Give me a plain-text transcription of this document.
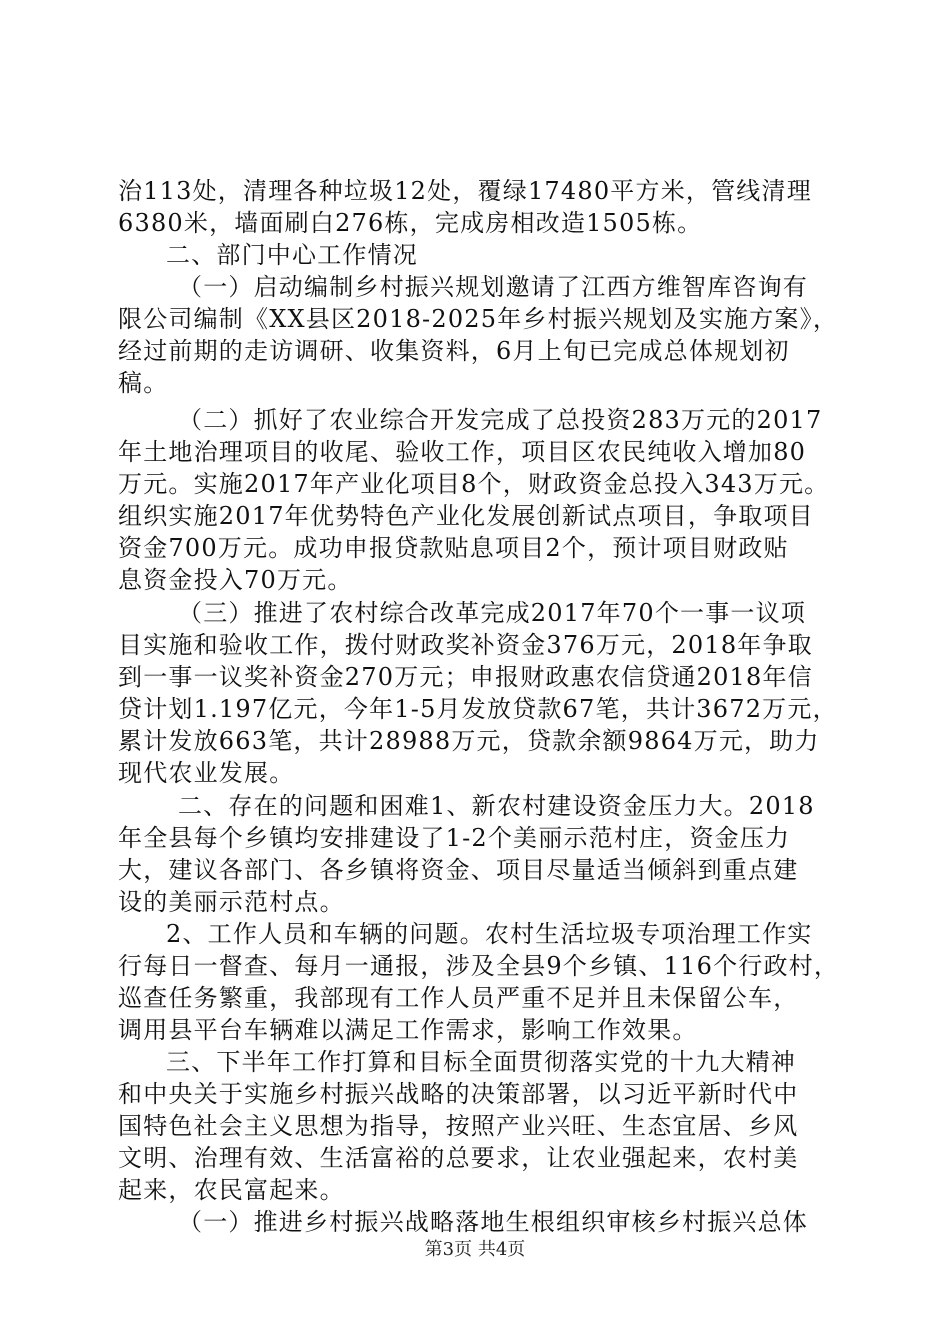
治113处，清理各种垃圾12处，覆绿17480平方米，管线清理
6380米，墙面刷白276栋，完成房相改造1505栋。
二、部门中心工作情况
（一）启动编制乡村振兴规划邀请了江西方维智库咨询有
限公司编制《XX县区2018-2025年乡村振兴规划及实施方案》，
经过前期的走访调研、收集资料，6月上旬已完成总体规划初
稿。
（二）抓好了农业综合开发完成了总投资283万元的2017
年土地治理项目的收尾、验收工作，项目区农民纯收入增加80
万元。实施2017年产业化项目8个，财政资金总投入343万元。
组织实施2017年优势特色产业化发展创新试点项目，争取项目
资金700万元。成功申报贷款贴息项目2个，预计项目财政贴
息资金投入70万元。
（三）推进了农村综合改革完成2017年70个一事一议项
目实施和验收工作，拨付财政奖补资金376万元，2018年争取
到一事一议奖补资金270万元；申报财政惠农信贷通2018年信
贷计划1.197亿元，今年1-5月发放贷款67笔，共计3672万元，
累计发放663笔，共计28988万元，贷款余额9864万元，助力
现代农业发展。
二、存在的问题和困难1、新农村建设资金压力大。2018
年全县每个乡镇均安排建设了1-2个美丽示范村庄，资金压力
大，建议各部门、各乡镇将资金、项目尽量适当倾斜到重点建
设的美丽示范村点。
2、工作人员和车辆的问题。农村生活垃圾专项治理工作实
行每日一督查、每月一通报，涉及全县9个乡镇、116个行政村，
巡查任务繁重，我部现有工作人员严重不足并且未保留公车，
调用县平台车辆难以满足工作需求，影响工作效果。
三、下半年工作打算和目标全面贯彻落实党的十九大精神
和中央关于实施乡村振兴战略的决策部署，以习近平新时代中
国特色社会主义思想为指导，按照产业兴旺、生态宜居、乡风
文明、治理有效、生活富裕的总要求，让农业强起来，农村美
起来，农民富起来。
（一）推进乡村振兴战略落地生根组织审核乡村振兴总体
第3页 共4页
